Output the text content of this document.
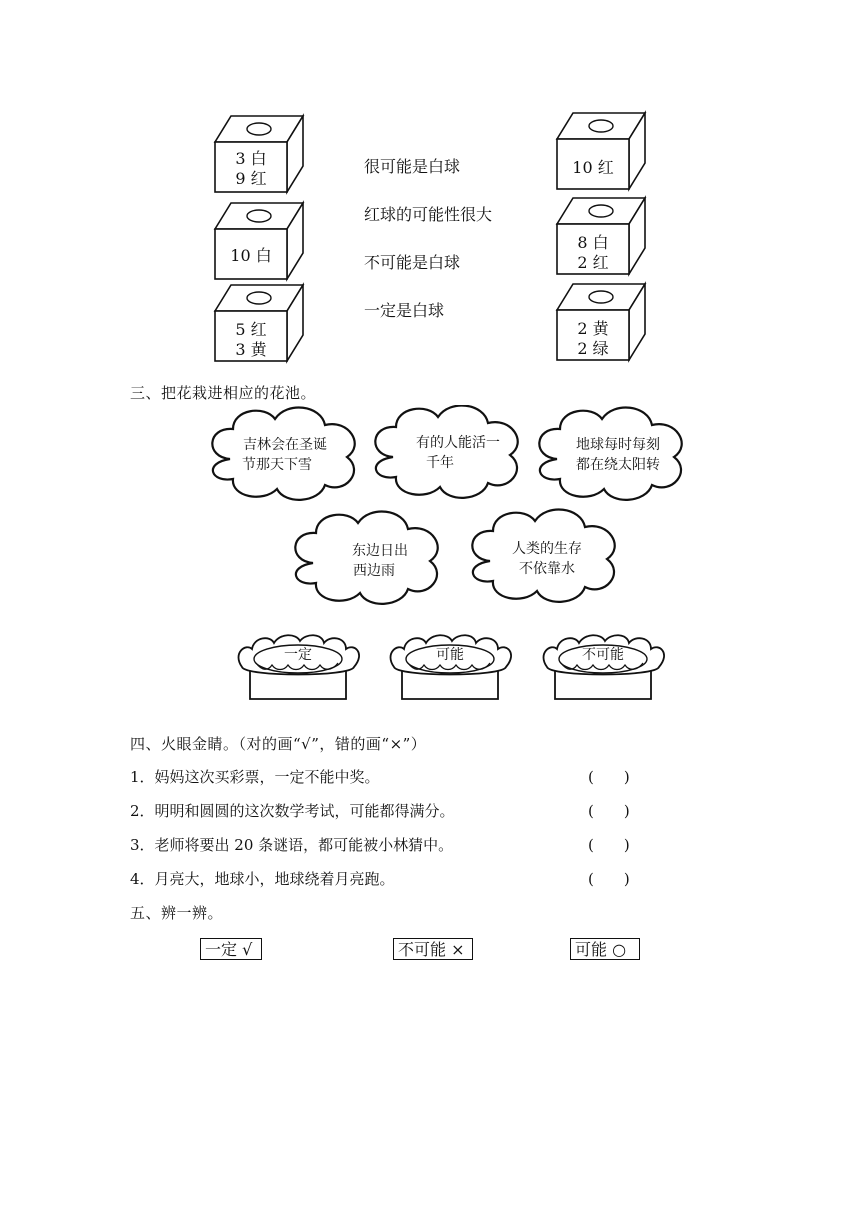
3 白
9 红
10 白
5 红
3 黄
10 红
8 白
2 红
2 黄
2 绿
很可能是白球
红球的可能性很大
不可能是白球
一定是白球
三、把花栽进相应的花池。
吉林会在圣诞
节那天下雪
有的人能活一
千年
地球每时每刻
都在绕太阳转
东边日出
西边雨
人类的生存
不依靠水
一定	可能	不可能
四、火眼金睛。（对的画“√”，错的画“×”）
1．妈妈这次买彩票，一定不能中奖。	(　　)
2．明明和圆圆的这次数学考试，可能都得满分。	(　　)
3．老师将要出 20 条谜语，都可能被小林猜中。	(　　)
4．月亮大，地球小，地球绕着月亮跑。	(　　)
五、辨一辨。
一定 √	不可能 ×	可能 ○
